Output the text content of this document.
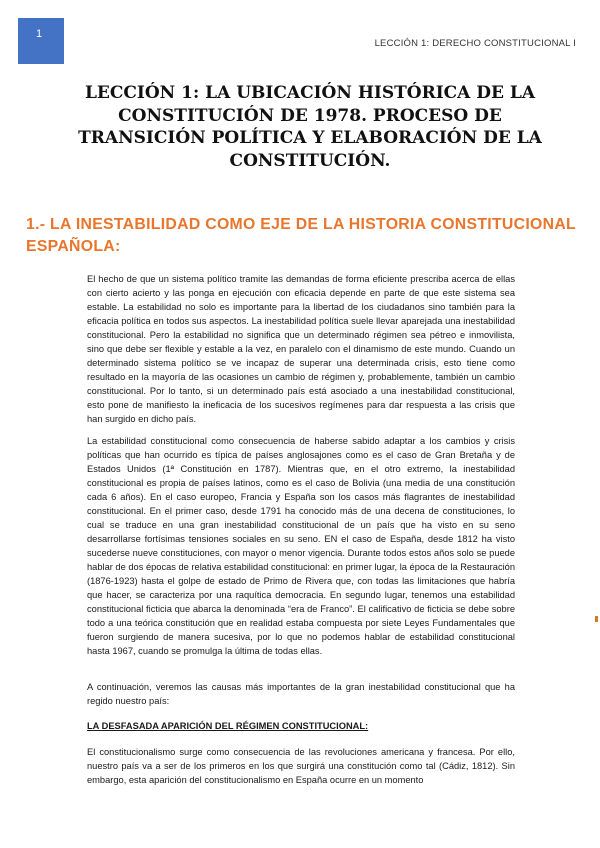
1
LECCIÓN 1: DERECHO CONSTITUCIONAL I
LECCIÓN 1: LA UBICACIÓN HISTÓRICA DE LA CONSTITUCIÓN DE 1978. PROCESO DE TRANSICIÓN POLÍTICA Y ELABORACIÓN DE LA CONSTITUCIÓN.
1.- LA INESTABILIDAD COMO EJE DE LA HISTORIA CONSTITUCIONAL ESPAÑOLA:

El hecho de que un sistema político tramite las demandas de forma eficiente prescriba acerca de ellas con cierto acierto y las ponga en ejecución con eficacia depende en parte de que este sistema sea estable. La estabilidad no solo es importante para la libertad de los ciudadanos sino también para la eficacia política en todos sus aspectos. La inestabilidad política suele llevar aparejada una inestabilidad constitucional. Pero la estabilidad no significa que un determinado régimen sea pétreo e inmovilista, sino que debe ser flexible y estable a la vez, en paralelo con el dinamismo de este mundo. Cuando un determinado sistema político se ve incapaz de superar una determinada crisis, esto tiene como resultado en la mayoría de las ocasiones un cambio de régimen y, probablemente, también un cambio constitucional. Por lo tanto, si un determinado país está asociado a una inestabilidad constitucional, esto pone de manifiesto la ineficacia de los sucesivos regímenes para dar respuesta a las crisis que han surgido en dicho país.

La estabilidad constitucional como consecuencia de haberse sabido adaptar a los cambios y crisis políticas que han ocurrido es típica de países anglosajones como es el caso de Gran Bretaña y de Estados Unidos (1ª Constitución en 1787). Mientras que, en el otro extremo, la inestabilidad constitucional es propia de países latinos, como es el caso de Bolivia (una media de una constitución cada 6 años). En el caso europeo, Francia y España son los casos más flagrantes de inestabilidad constitucional. En el primer caso, desde 1791 ha conocido más de una decena de constituciones, lo cual se traduce en una gran inestabilidad constitucional de un país que ha visto en su seno desarrollarse fortísimas tensiones sociales en su seno. EN el caso de España, desde 1812 ha visto sucederse nueve constituciones, con mayor o menor vigencia. Durante todos estos años solo se puede hablar de dos épocas de relativa estabilidad constitucional: en primer lugar, la época de la Restauración (1876-1923) hasta el golpe de estado de Primo de Rivera que, con todas las limitaciones que habría que hacer, se caracteriza por una raquítica democracia. En segundo lugar, tenemos una estabilidad constitucional ficticia que abarca la denominada “era de Franco”. El calificativo de ficticia se debe sobre todo a una teórica constitución que en realidad estaba compuesta por siete Leyes Fundamentales que fueron surgiendo de manera sucesiva, por lo que no podemos hablar de estabilidad constitucional hasta 1967, cuando se promulga la última de todas ellas.

A continuación, veremos las causas más importantes de la gran inestabilidad constitucional que ha regido nuestro país:

LA DESFASADA APARICIÓN DEL RÉGIMEN CONSTITUCIONAL:

El constitucionalismo surge como consecuencia de las revoluciones americana y francesa. Por ello, nuestro país va a ser de los primeros en los que surgirá una constitución como tal (Cádiz, 1812). Sin embargo, esta aparición del constitucionalismo en España ocurre en un momento
